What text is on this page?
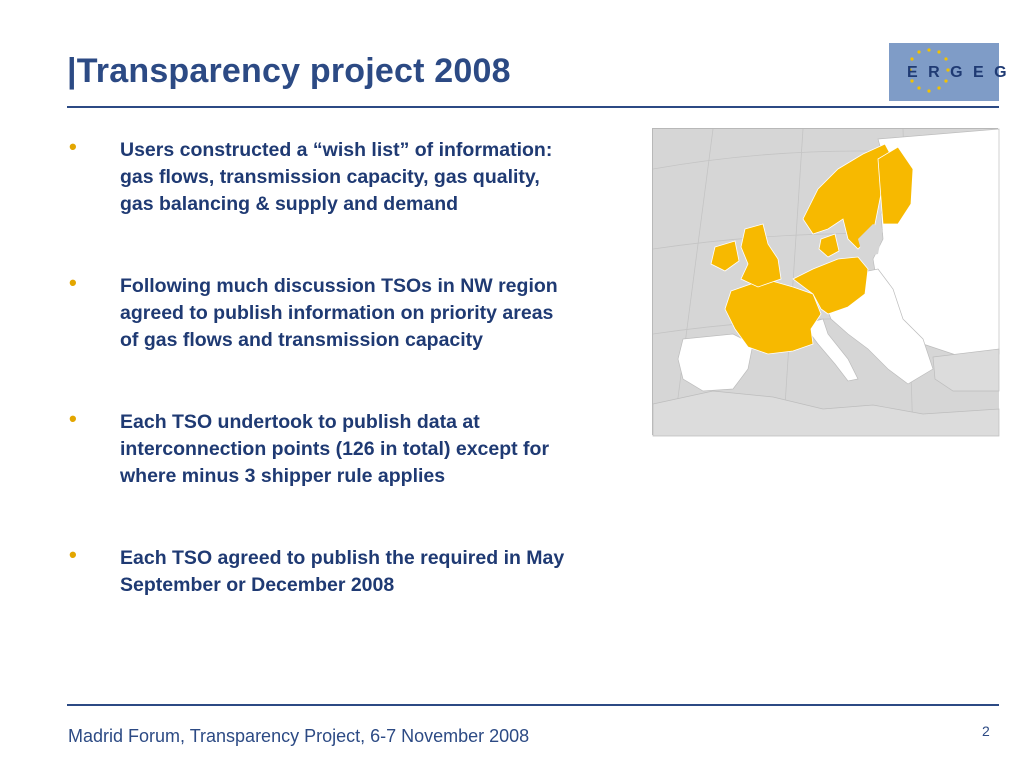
|Transparency project 2008	E R G E G
• Users constructed a “wish list” of information:
gas flows, transmission capacity, gas quality,
gas balancing & supply and demand
• Following much discussion TSOs in NW region
agreed to publish information on priority areas
of gas flows and transmission capacity
• Each TSO undertook to publish data at
interconnection points (126 in total) except for
where minus 3 shipper rule applies
• Each TSO agreed to publish the required in May
September or December 2008
Madrid Forum, Transparency Project, 6-7 November 2008	2
